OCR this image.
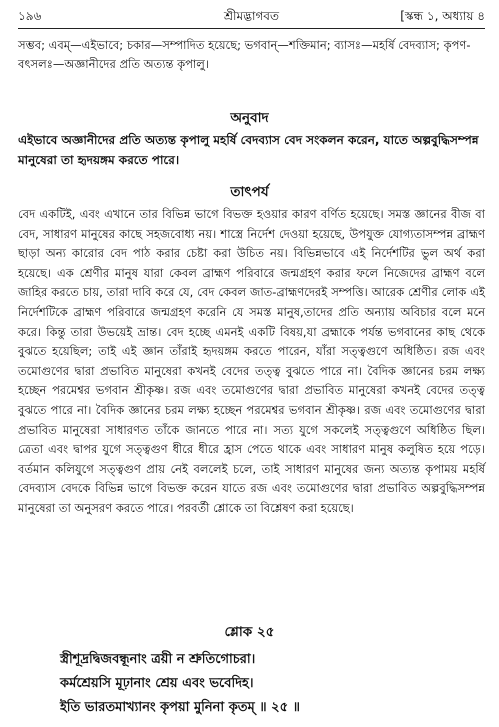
১৯৬	শ্রীমদ্ভাগবত	[স্কন্ধ ১, অধ্যায় ৪
সম্ভব; এবম্—এইভাবে; চকার—সম্পাদিত হয়েছে; ভগবান্—শক্তিমান; ব্যাসঃ—মহর্ষি বেদব্যাস; কৃপণ-বৎসলঃ—অজ্ঞানীদের প্রতি অত্যন্ত কৃপালু।
অনুবাদ
এইভাবে অজ্ঞানীদের প্রতি অত্যন্ত কৃপালু মহর্ষি বেদব্যাস বেদ সংকলন করেন, যাতে অল্পবুদ্ধিসম্পন্ন মানুষেরা তা হৃদয়ঙ্গম করতে পারে।
তাৎপর্য
বেদ একটিই, এবং এখানে তার বিভিন্ন ভাগে বিভক্ত হওয়ার কারণ বর্ণিত হয়েছে। সমস্ত জ্ঞানের বীজ বা বেদ, সাধারণ মানুষের কাছে সহজবোধ্য নয়। শাস্ত্রে নির্দেশ দেওয়া হয়েছে, উপযুক্ত যোগ্যতাসম্পন্ন ব্রাহ্মণ ছাড়া অন্য কারোর বেদ পাঠ করার চেষ্টা করা উচিত নয়। বিভিন্নভাবে এই নির্দেশটির ভুল অর্থ করা হয়েছে। এক শ্রেণীর মানুষ যারা কেবল ব্রাহ্মণ পরিবারে জন্মগ্রহণ করার ফলে নিজেদের ব্রাহ্মণ বলে জাহির করতে চায়, তারা দাবি করে যে, বেদ কেবল জাত-ব্রাহ্মণদেরই সম্পত্তি। আরেক শ্রেণীর লোক এই নির্দেশটিকে ব্রাহ্মণ পরিবারে জন্মগ্রহণ করেনি যে সমস্ত মানুষ,তাদের প্রতি অন্যায় অবিচার বলে মনে করে। কিন্তু তারা উভয়েই ভ্রান্ত। বেদ হচ্ছে এমনই একটি বিষয়,যা ব্রহ্মাকে পর্যন্ত ভগবানের কাছ থেকে বুঝতে হয়েছিল; তাই এই জ্ঞান তাঁরাই হৃদয়ঙ্গম করতে পারেন, যাঁরা সত্ত্বগুণে অধিষ্ঠিত। রজ এবং তমোগুণের দ্বারা প্রভাবিত মানুষেরা কখনই বেদের তত্ত্ব বুঝতে পারে না। বৈদিক জ্ঞানের চরম লক্ষ্য হচ্ছেন পরমেশ্বর ভগবান শ্রীকৃষ্ণ। রজ এবং তমোগুণের দ্বারা প্রভাবিত মানুষেরা কখনই বেদের তত্ত্ব বুঝতে পারে না। বৈদিক জ্ঞানের চরম লক্ষ্য হচ্ছেন পরমেশ্বর ভগবান শ্রীকৃষ্ণ। রজ এবং তমোগুণের দ্বারা প্রভাবিত মানুষেরা সাধারণত তাঁকে জানতে পারে না। সত্য যুগে সকলেই সত্ত্বগুণে অধিষ্ঠিত ছিল। ত্রেতা এবং দ্বাপর যুগে সত্ত্বগুণ ধীরে ধীরে হ্রাস পেতে থাকে এবং সাধারণ মানুষ কলুষিত হয়ে পড়ে। বর্তমান কলিযুগে সত্ত্বগুণ প্রায় নেই বললেই চলে, তাই সাধারণ মানুষের জন্য অত্যন্ত কৃপাময় মহর্ষি বেদব্যাস বেদকে বিভিন্ন ভাগে বিভক্ত করেন যাতে রজ এবং তমোগুণের দ্বারা প্রভাবিত অল্পবুদ্ধিসম্পন্ন মানুষেরা তা অনুসরণ করতে পারে। পরবর্তী শ্লোকে তা বিশ্লেষণ করা হয়েছে।
শ্লোক ২৫
স্ত্রীশূদ্রদ্বিজবন্ধূনাং ত্রয়ী ন শ্রুতিগোচরা।
কর্মশ্রেয়সি মূঢ়ানাং শ্রেয় এবং ভবেদিহ।
ইতি ভারতমাখ্যানং কৃপয়া মুনিনা কৃতম্ ॥ ২৫ ॥
